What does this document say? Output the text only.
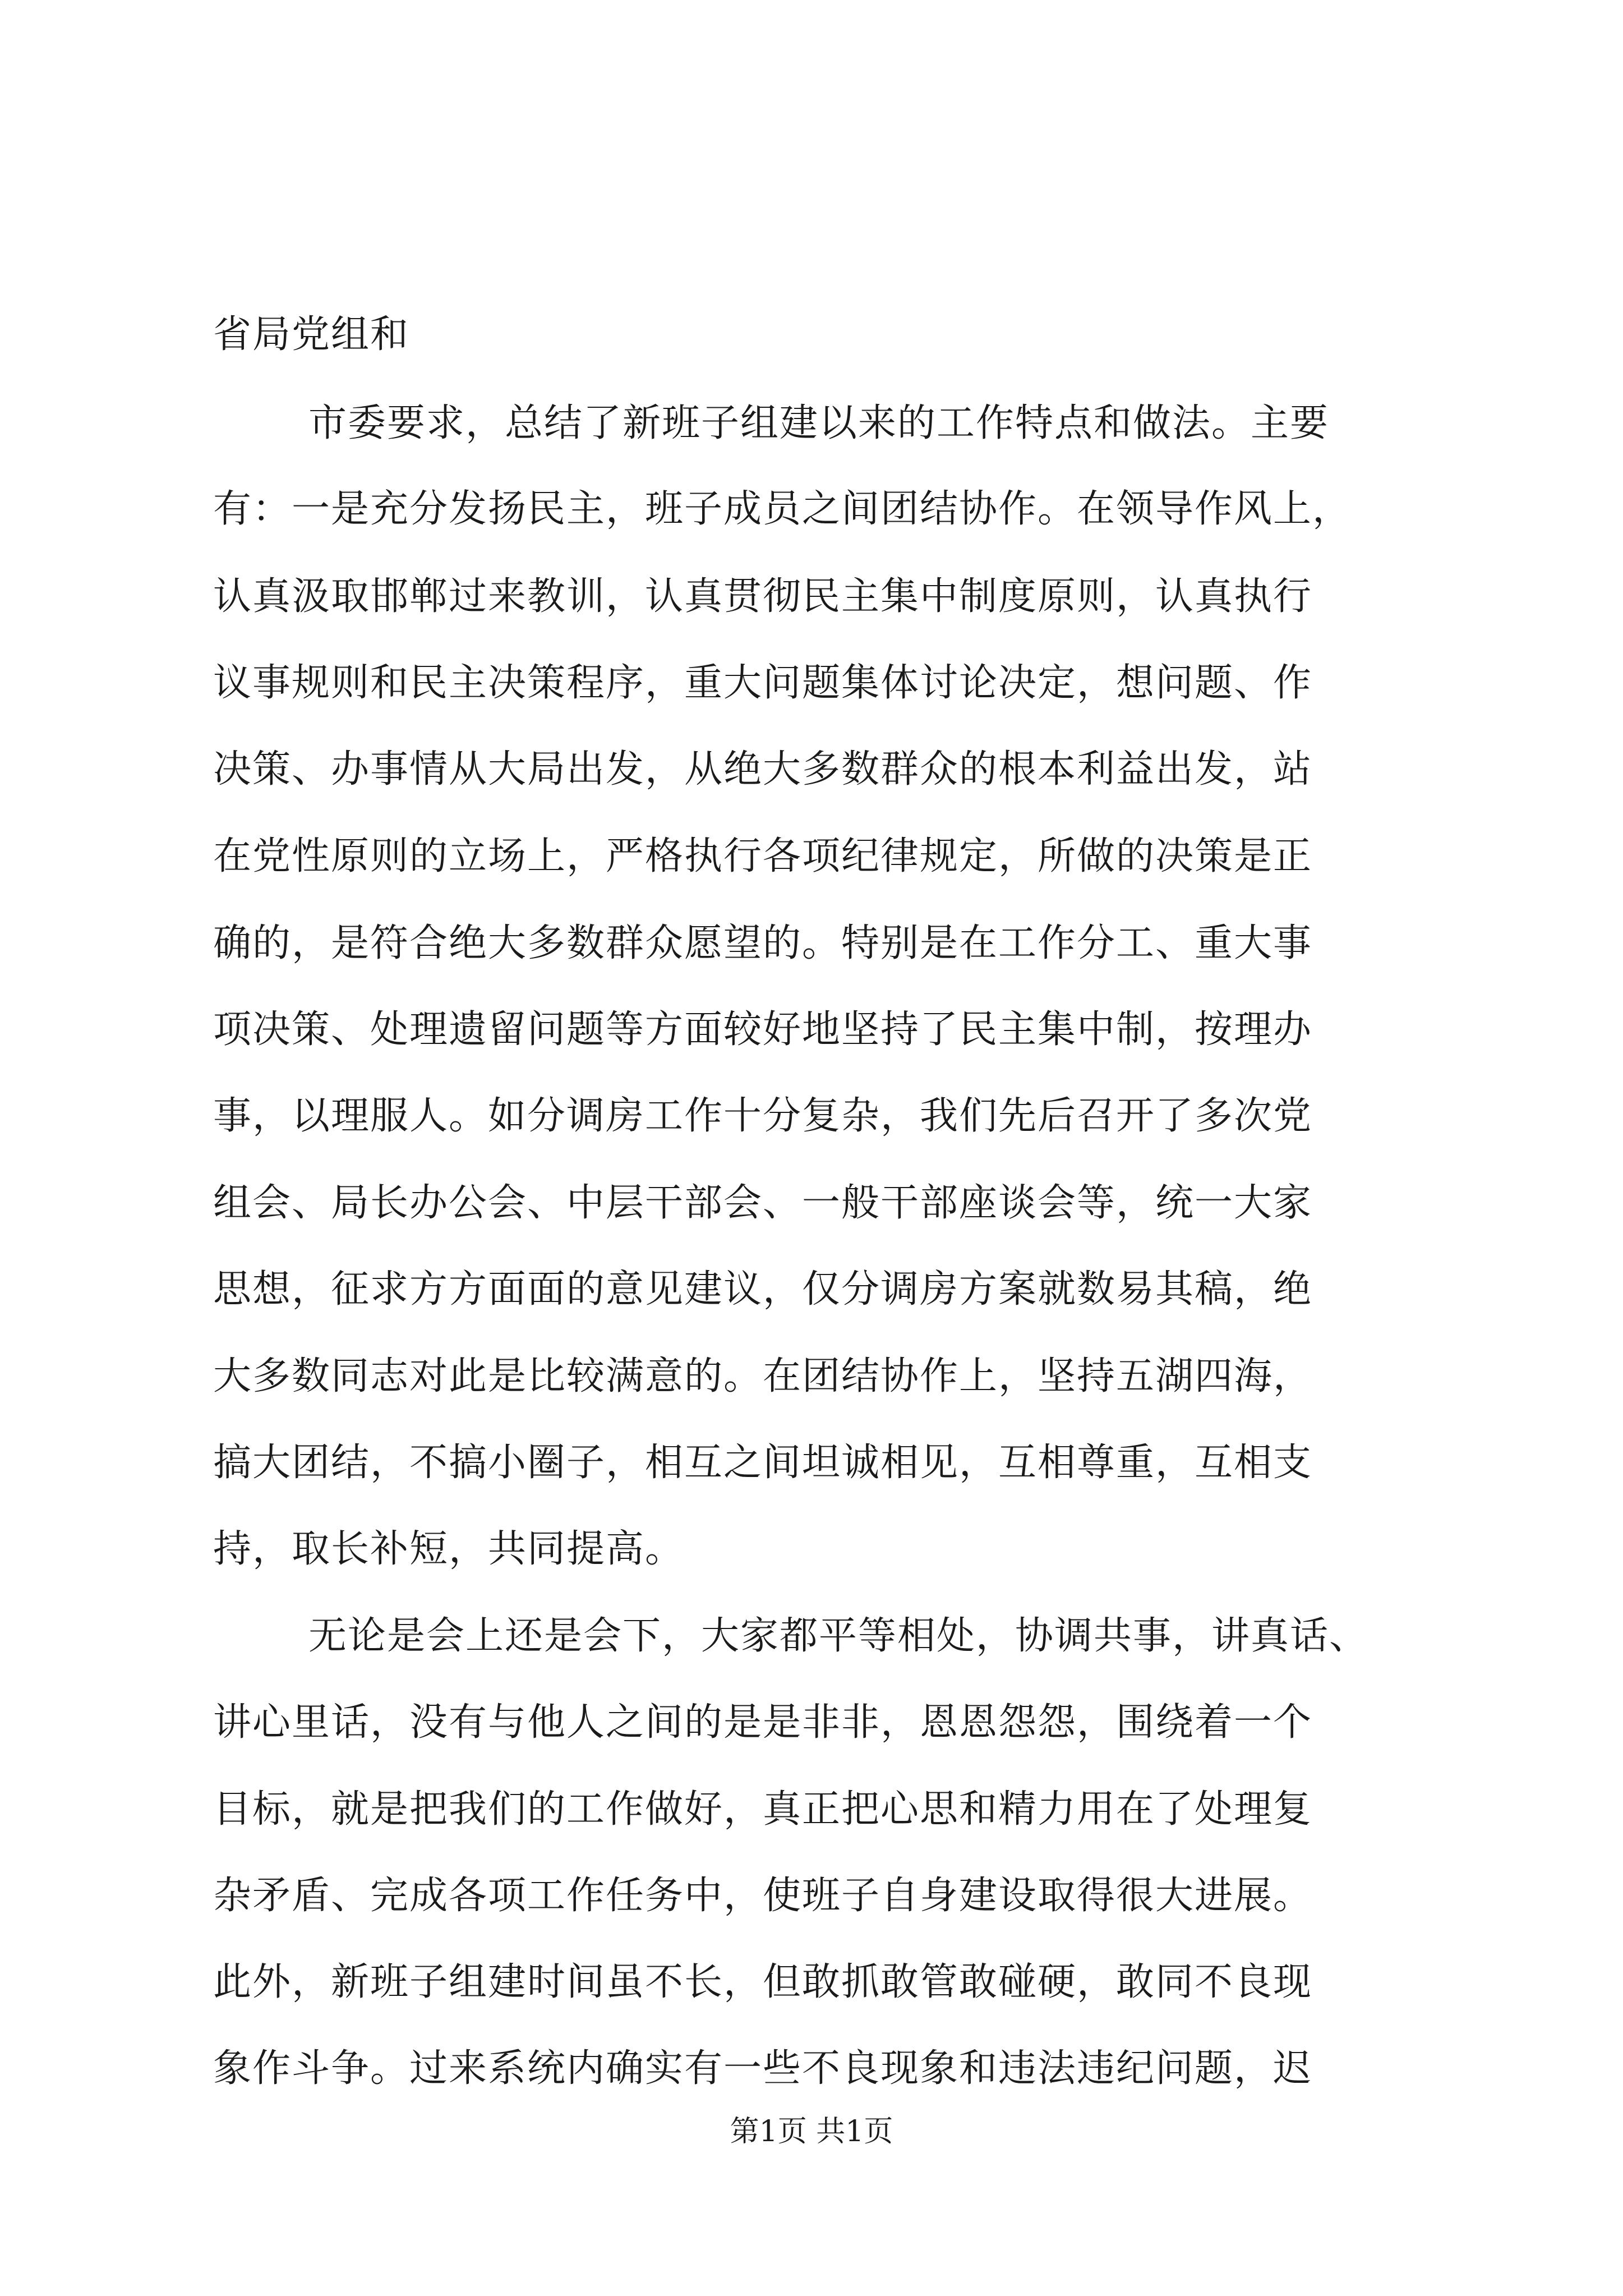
省局党组和
市委要求，总结了新班子组建以来的工作特点和做法。主要
有：一是充分发扬民主，班子成员之间团结协作。在领导作风上，
认真汲取邯郸过来教训，认真贯彻民主集中制度原则，认真执行
议事规则和民主决策程序，重大问题集体讨论决定，想问题、作
决策、办事情从大局出发，从绝大多数群众的根本利益出发，站
在党性原则的立场上，严格执行各项纪律规定，所做的决策是正
确的，是符合绝大多数群众愿望的。特别是在工作分工、重大事
项决策、处理遗留问题等方面较好地坚持了民主集中制，按理办
事，以理服人。如分调房工作十分复杂，我们先后召开了多次党
组会、局长办公会、中层干部会、一般干部座谈会等，统一大家
思想，征求方方面面的意见建议，仅分调房方案就数易其稿，绝
大多数同志对此是比较满意的。在团结协作上，坚持五湖四海，
搞大团结，不搞小圈子，相互之间坦诚相见，互相尊重，互相支
持，取长补短，共同提高。
无论是会上还是会下，大家都平等相处，协调共事，讲真话、
讲心里话，没有与他人之间的是是非非，恩恩怨怨，围绕着一个
目标，就是把我们的工作做好，真正把心思和精力用在了处理复
杂矛盾、完成各项工作任务中，使班子自身建设取得很大进展。
此外，新班子组建时间虽不长，但敢抓敢管敢碰硬，敢同不良现
象作斗争。过来系统内确实有一些不良现象和违法违纪问题，迟
第1页 共1页
